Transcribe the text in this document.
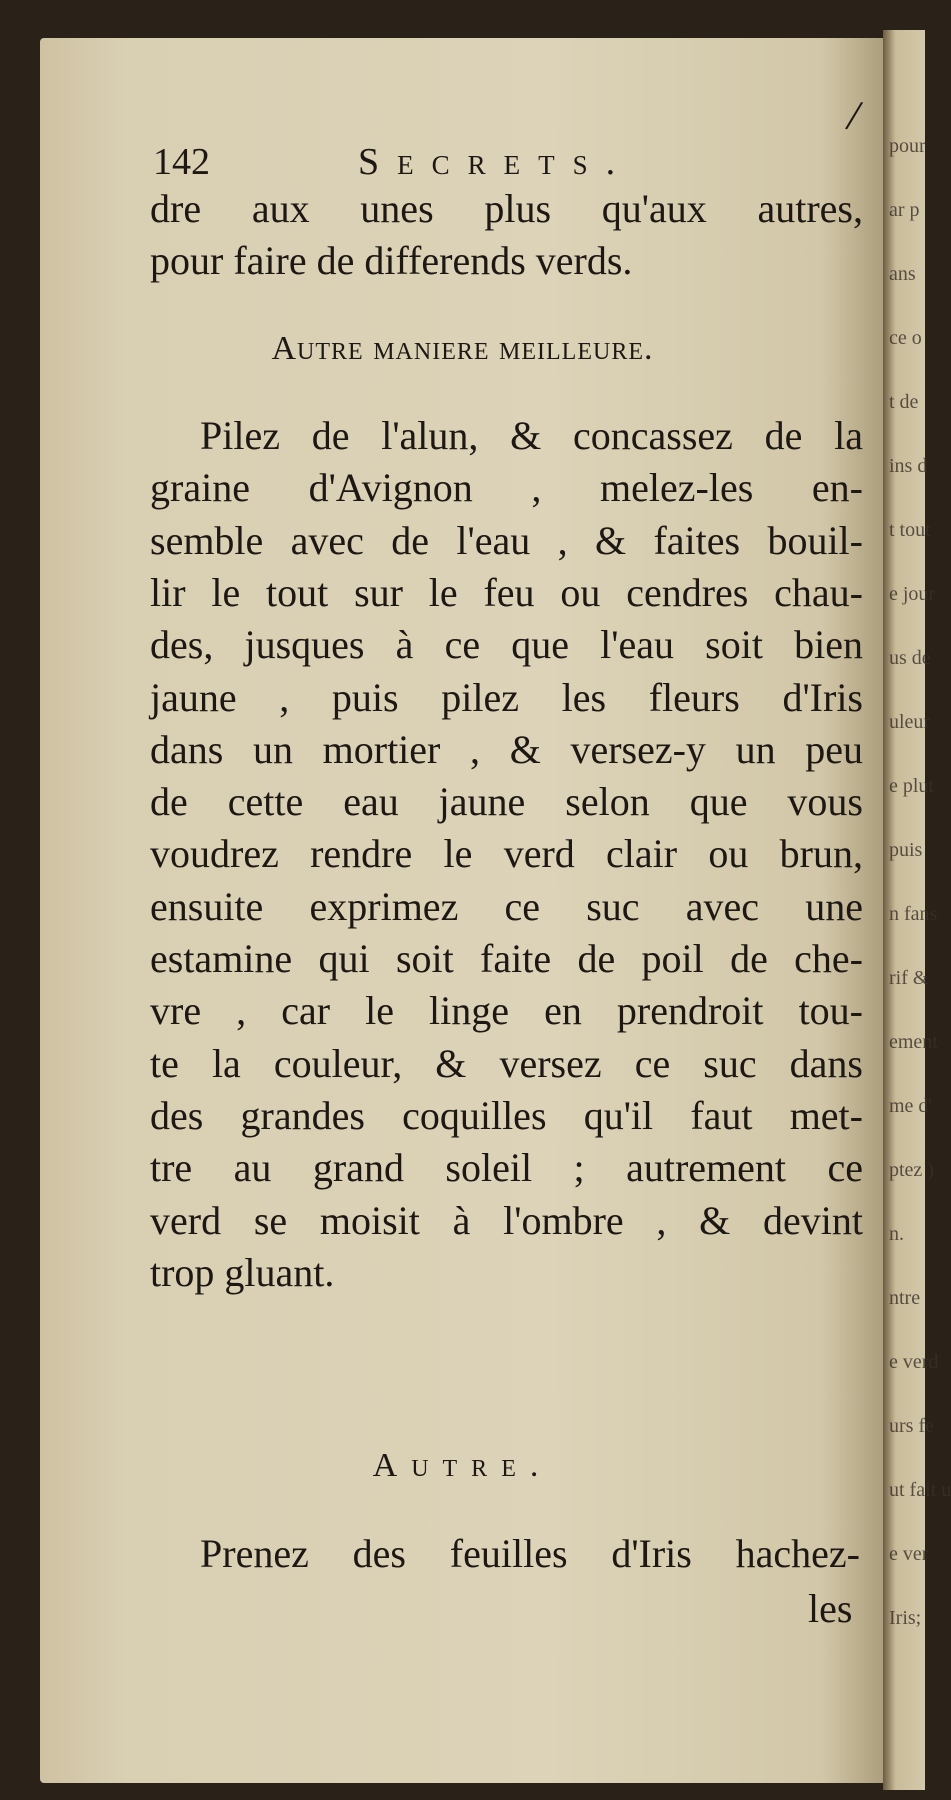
pour
ar p
ans
ce o
t de
ins d
t tout
e jour
us de
uleur
e plut
puis
n fans
rif &
ement
me d'
ptez )
n.
ntre
e verd
urs fe
ut fait u
e ver
Iris;
/
142	Secrets.
dre aux unes plus qu'aux autres,
pour faire de differends verds.
Autre maniere meilleure.
Pilez de l'alun, & concassez de la
graine d'Avignon , melez-les en-
semble avec de l'eau , & faites bouil-
lir le tout sur le feu ou cendres chau-
des, jusques à ce que l'eau soit bien
jaune , puis pilez les fleurs d'Iris
dans un mortier , & versez-y un peu
de cette eau jaune selon que vous
voudrez rendre le verd clair ou brun,
ensuite exprimez ce suc avec une
estamine qui soit faite de poil de che-
vre , car le linge en prendroit tou-
te la couleur, & versez ce suc dans
des grandes coquilles qu'il faut met-
tre au grand soleil ; autrement ce
verd se moisit à l'ombre , & devint
trop gluant.
Autre.
Prenez des feuilles d'Iris hachez-
les
